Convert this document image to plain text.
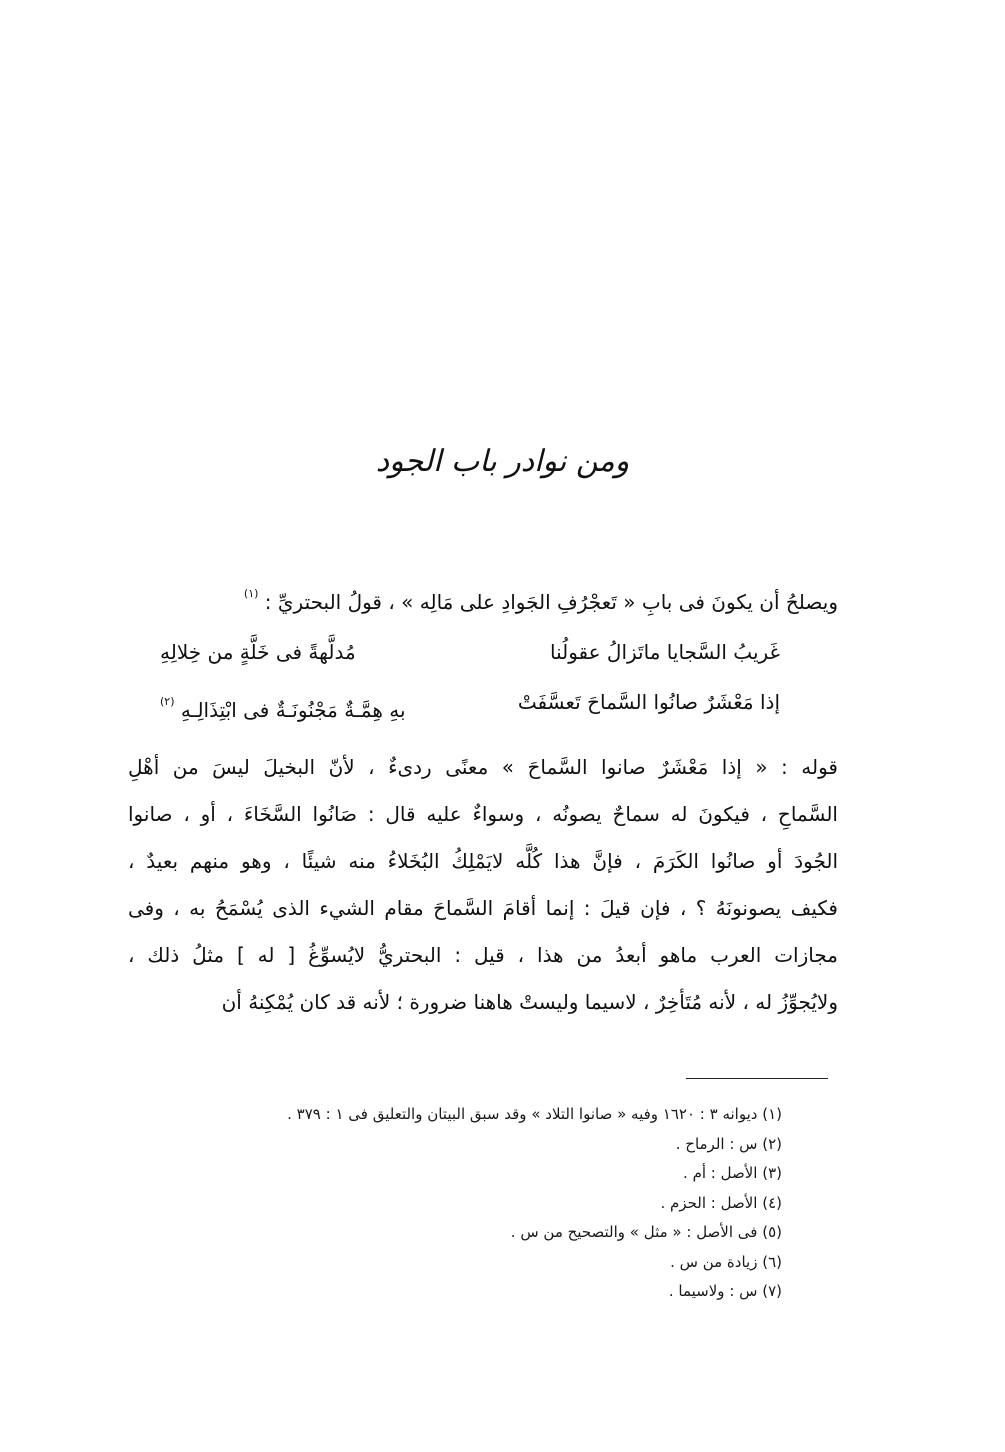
ومن نوادر باب الجود
ويصلحُ أن يكونَ فى بابِ « تَعجْرُفِ الجَوادِ على مَالِه » ، قولُ البحتريِّ : $^{(١)}$
غَريبُ السَّجايا ماتَزالُ عقولُنا
مُدلَّهةً فى خَلَّةٍ من خِلالِهِ
إذا مَعْشَرٌ صانُوا السَّماحَ تَعسَّفَتْ
بهِ هِمَّـةٌ مَجْنُونَـةٌ فى ابْتِذَالِـهِ $^{(٢)}$
قوله : « إذا مَعْشَرٌ صانوا السَّماحَ » معنًى ردىءٌ ، لأنّ البخيلَ ليسَ من أهْلِ
السَّماحِ ، فيكونَ له سماحٌ يصونُه ، وسواءٌ عليه قال : صَانُوا السَّخَاءَ ، أو ، صانوا
الجُودَ أو صانُوا الكَرَمَ ، فإنَّ هذا كُلَّه لايَمْلِكُ البُخَلاءُ منه شيئًا ، وهو منهم بعيدٌ ،
فكيف يصونونَهُ ؟ ، فإن قيلَ : إنما أقامَ السَّماحَ مقام الشيء الذى يُسْمَحُ به ، وفى
مجازات العرب ماهو أبعدُ من هذا ، قيل : البحتريُّ لايُسوِّغُ [ له ] مثلُ ذلك ،
ولايُجوِّزُ له ، لأنه مُتَأخِرٌ ، لاسيما وليستْ هاهنا ضرورة ؛ لأنه قد كان يُمْكِنهُ أن
(١) ديوانه ٣ : ١٦٢٠ وفيه « صانوا التلاد » وقد سبق البيتان والتعليق فى ١ : ٣٧٩ .
(٢) س : الرماح .
(٣) الأصل : أم .
(٤) الأصل : الحزم .
(٥) فى الأصل : « مثل » والتصحيح من س .
(٦) زيادة من س .
(٧) س : ولاسيما .
